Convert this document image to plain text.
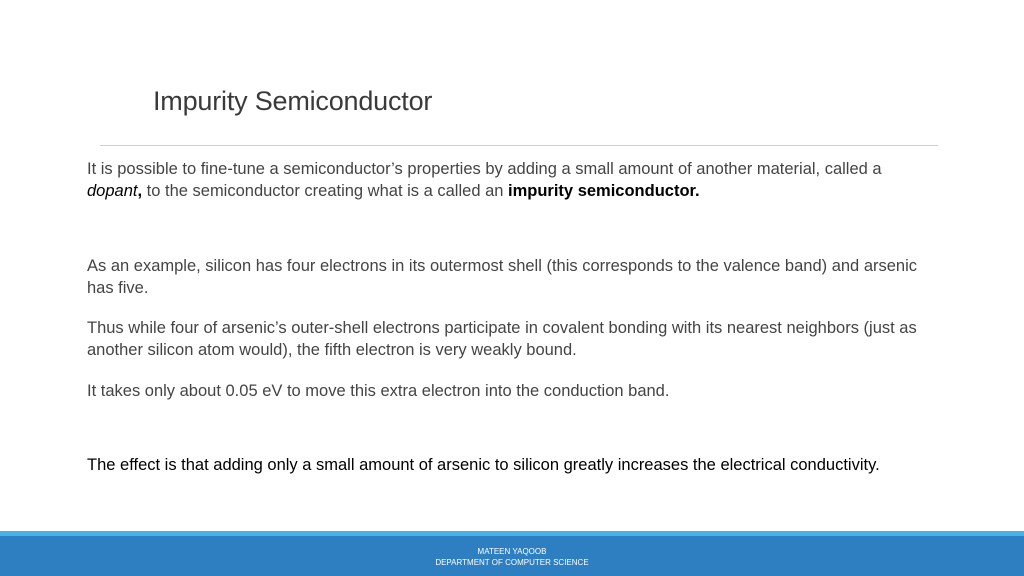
Impurity Semiconductor

It is possible to fine-tune a semiconductor’s properties by adding a small amount of another material, called a dopant, to the semiconductor creating what is a called an impurity semiconductor.

As an example, silicon has four electrons in its outermost shell (this corresponds to the valence band) and arsenic has five.

Thus while four of arsenic’s outer-shell electrons participate in covalent bonding with its nearest neighbors (just as another silicon atom would), the fifth electron is very weakly bound.

It takes only about 0.05 eV to move this extra electron into the conduction band.

The effect is that adding only a small amount of arsenic to silicon greatly increases the electrical conductivity.

MATEEN YAQOOB
DEPARTMENT OF COMPUTER SCIENCE
